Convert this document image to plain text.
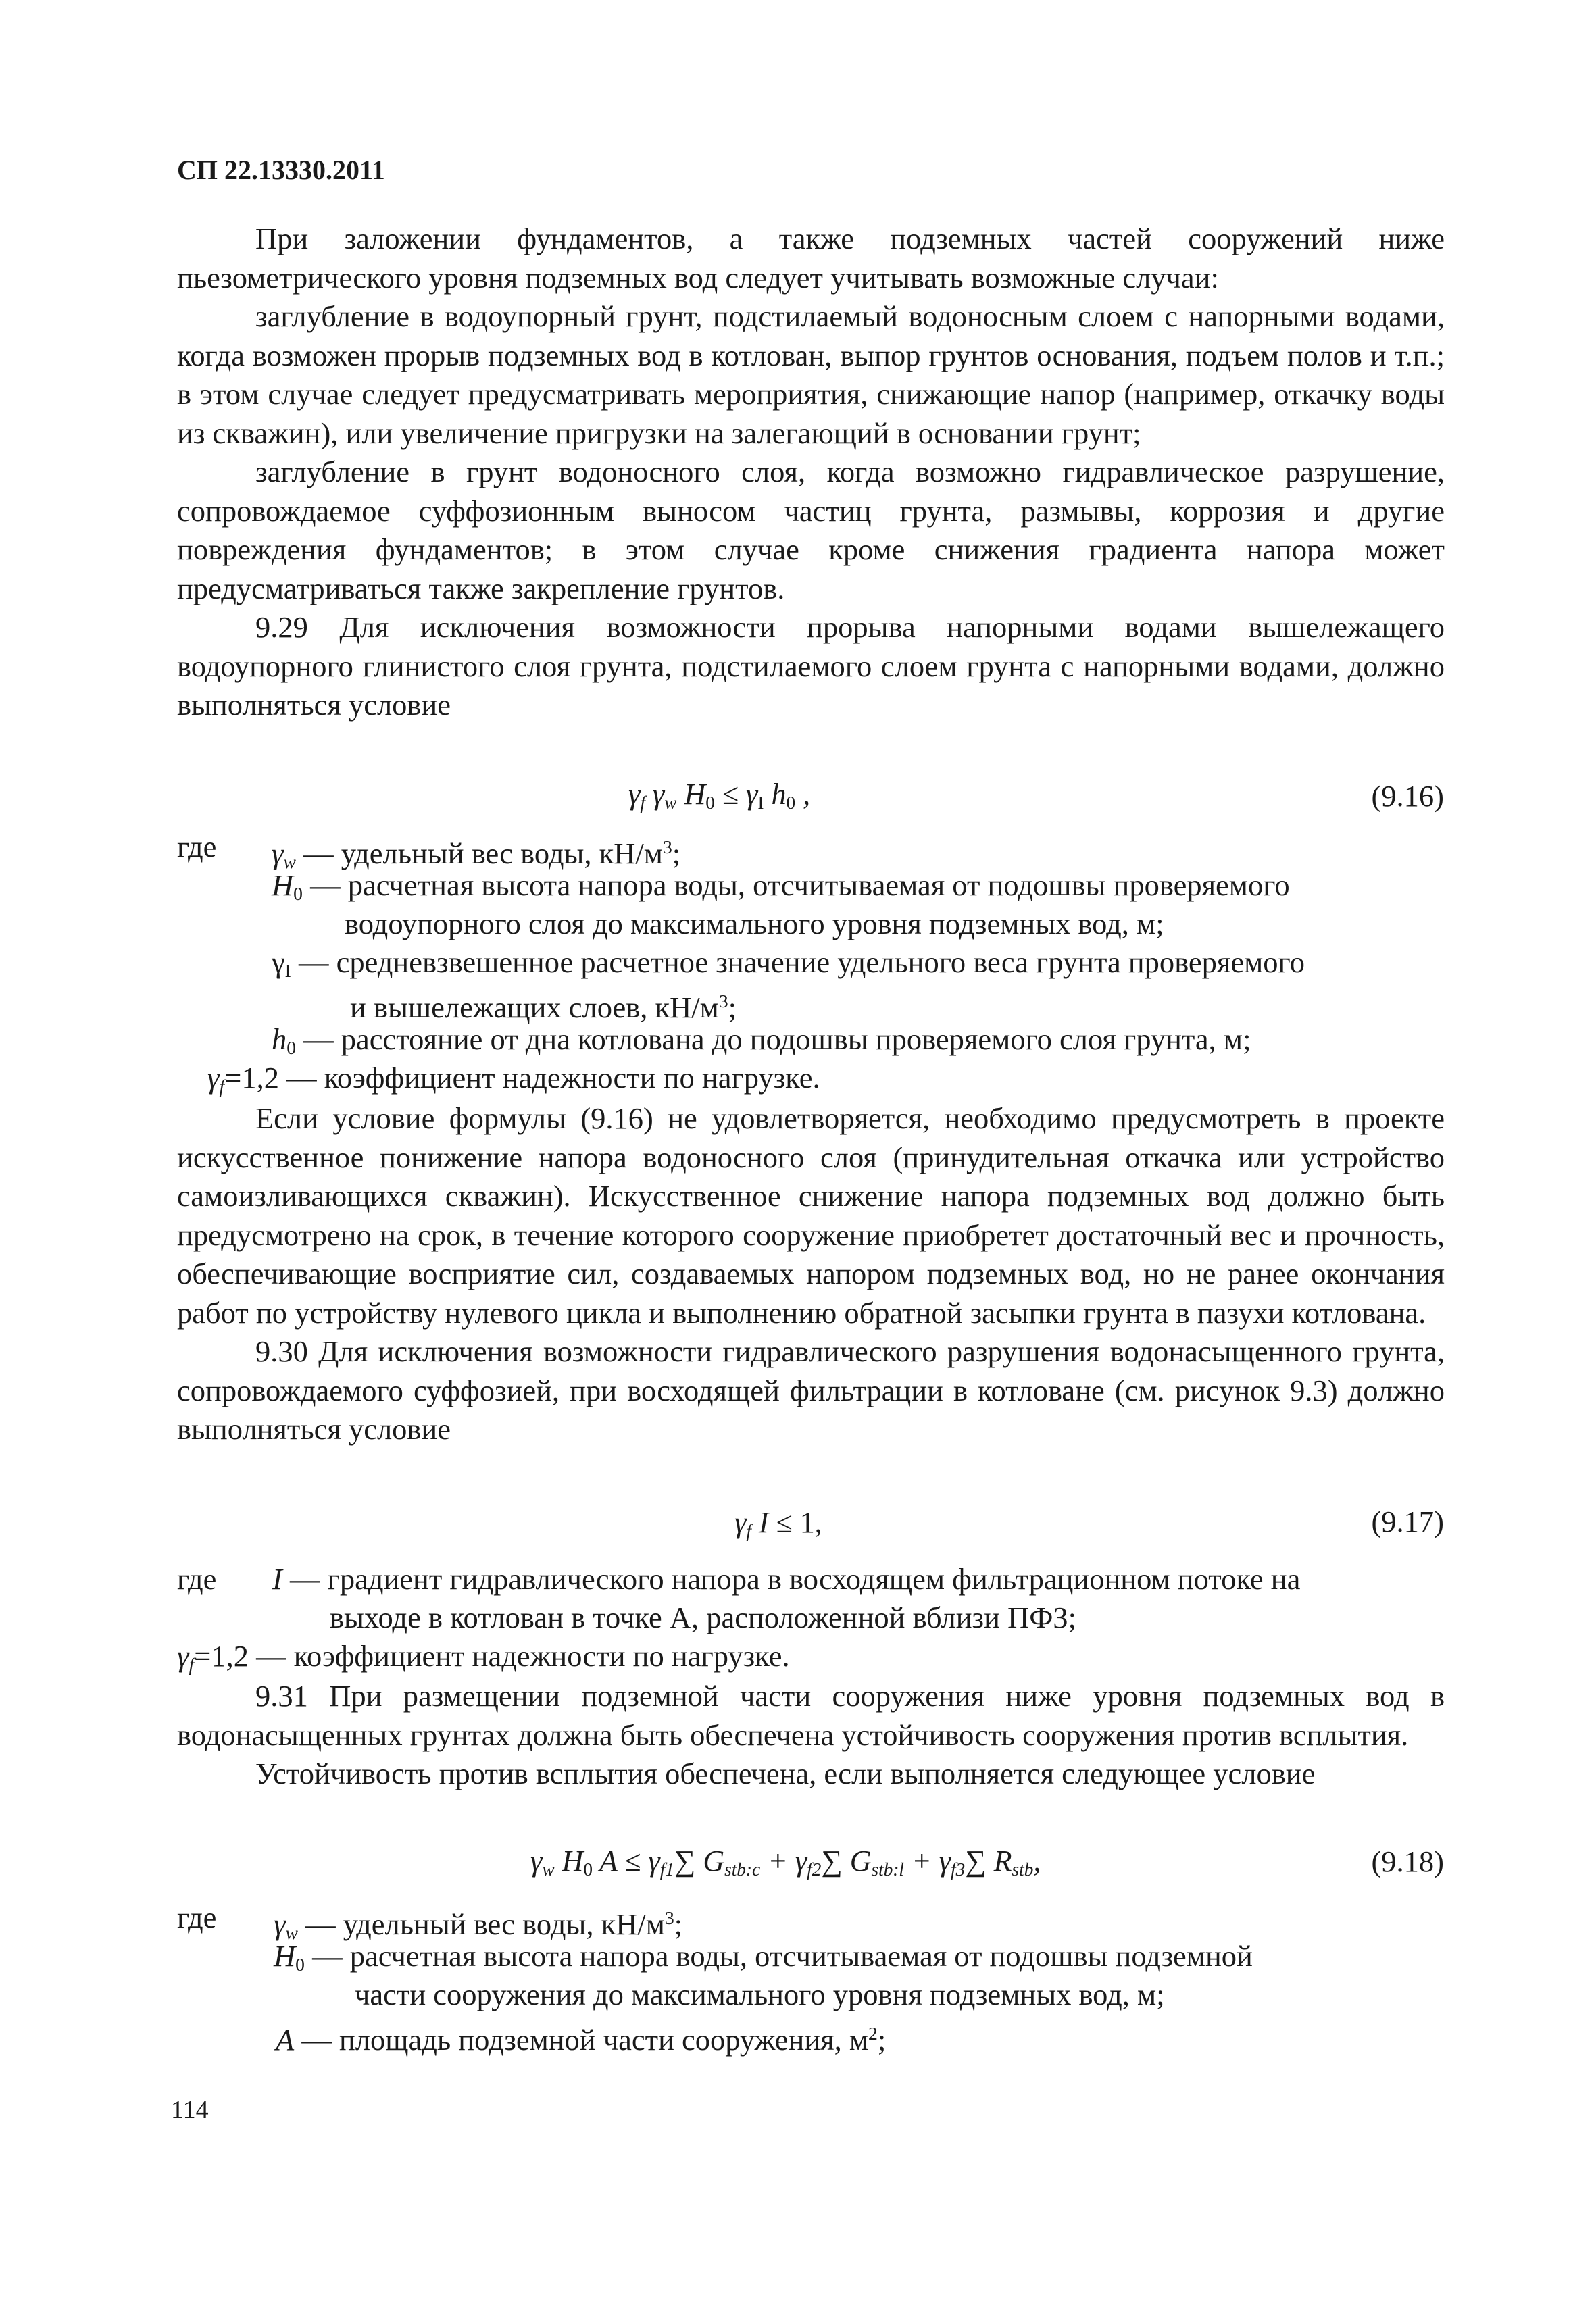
СП 22.13330.2011

При заложении фундаментов, а также подземных частей сооружений ниже пьезометрического уровня подземных вод следует учитывать возможные случаи:

заглубление в водоупорный грунт, подстилаемый водоносным слоем с напорными водами, когда возможен прорыв подземных вод в котлован, выпор грунтов основания, подъем полов и т.п.; в этом случае следует предусматривать мероприятия, снижающие напор (например, откачку воды из скважин), или увеличение пригрузки на залегающий в основании грунт;

заглубление в грунт водоносного слоя, когда возможно гидравлическое разрушение, сопровождаемое суффозионным выносом частиц грунта, размывы, коррозия и другие повреждения фундаментов; в этом случае кроме снижения градиента напора может предусматриваться также закрепление грунтов.

9.29 Для исключения возможности прорыва напорными водами вышележащего водоупорного глинистого слоя грунта, подстилаемого слоем грунта с напорными водами, должно выполняться условие

$\gamma_f$ $\gamma_w$ $H_0 \le \gamma_I$ $h_0$ ,	(9.16)
где $\gamma_w$ — удельный вес воды, $кН/м^3$;
$H_0$ — расчетная высота напора воды, отсчитываемая от подошвы проверяемого
водоупорного слоя до максимального уровня подземных вод, м;
$\gamma_I$ — средневзвешенное расчетное значение удельного веса грунта проверяемого
и вышележащих слоев, $кН/м^3$;
$h_0$ — расстояние от дна котлована до подошвы проверяемого слоя грунта, м;
$\gamma_f=1,2$ — коэффициент надежности по нагрузке.

Если условие формулы (9.16) не удовлетворяется, необходимо предусмотреть в проекте искусственное понижение напора водоносного слоя (принудительная откачка или устройство самоизливающихся скважин). Искусственное снижение напора подземных вод должно быть предусмотрено на срок, в течение которого сооружение приобретет достаточный вес и прочность, обеспечивающие восприятие сил, создаваемых напором подземных вод, но не ранее окончания работ по устройству нулевого цикла и выполнению обратной засыпки грунта в пазухи котлована.

9.30 Для исключения возможности гидравлического разрушения водонасыщенного грунта, сопровождаемого суффозией, при восходящей фильтрации в котловане (см. рисунок 9.3) должно выполняться условие

$\gamma_f$ I ≤ 1,	(9.17)
где I — градиент гидравлического напора в восходящем фильтрационном потоке на
выходе в котлован в точке А, расположенной вблизи ПФЗ;
$\gamma_f=1,2$ — коэффициент надежности по нагрузке.

9.31 При размещении подземной части сооружения ниже уровня подземных вод в водонасыщенных грунтах должна быть обеспечена устойчивость сооружения против всплытия.

Устойчивость против всплытия обеспечена, если выполняется следующее условие

$\gamma_w$ $H_0$ $A \le \gamma_{f1}\sum$ $G_{stb:c} + \gamma_{f2}\sum$ $G_{stb:l} + \gamma_{f3}\sum$ $R_{stb}$,	(9.18)
где $\gamma_w$ — удельный вес воды, $кН/м^3$;
$H_0$ — расчетная высота напора воды, отсчитываемая от подошвы подземной
части сооружения до максимального уровня подземных вод, м;
A — площадь подземной части сооружения, $м^2$;
114
